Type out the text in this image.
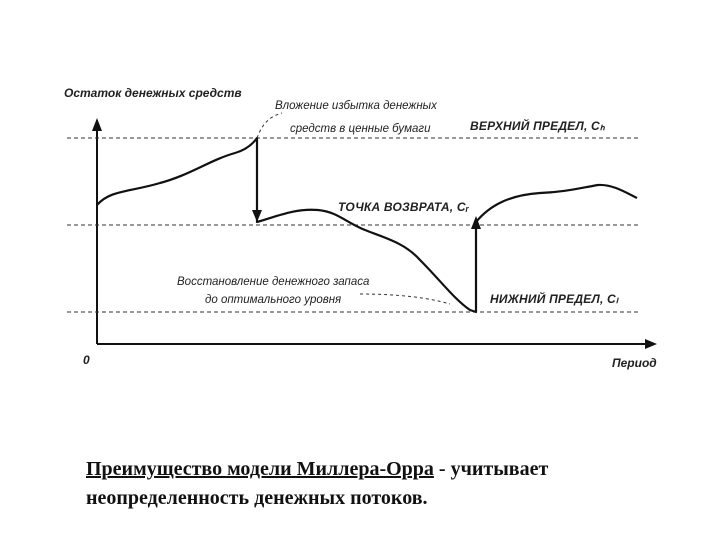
Остаток денежных средств
Период
0
Вложение избытка денежных
средств в ценные бумаги	ВЕРХНИЙ ПРЕДЕЛ, Cₕ
ТОЧКА ВОЗВРАТА, Cᵣ
НИЖНИЙ ПРЕДЕЛ, Cₗ
Восстановление денежного запаса
до оптимального уровня
Преимущество модели Миллера-Орра - учитывает
неопределенность денежных потоков.
